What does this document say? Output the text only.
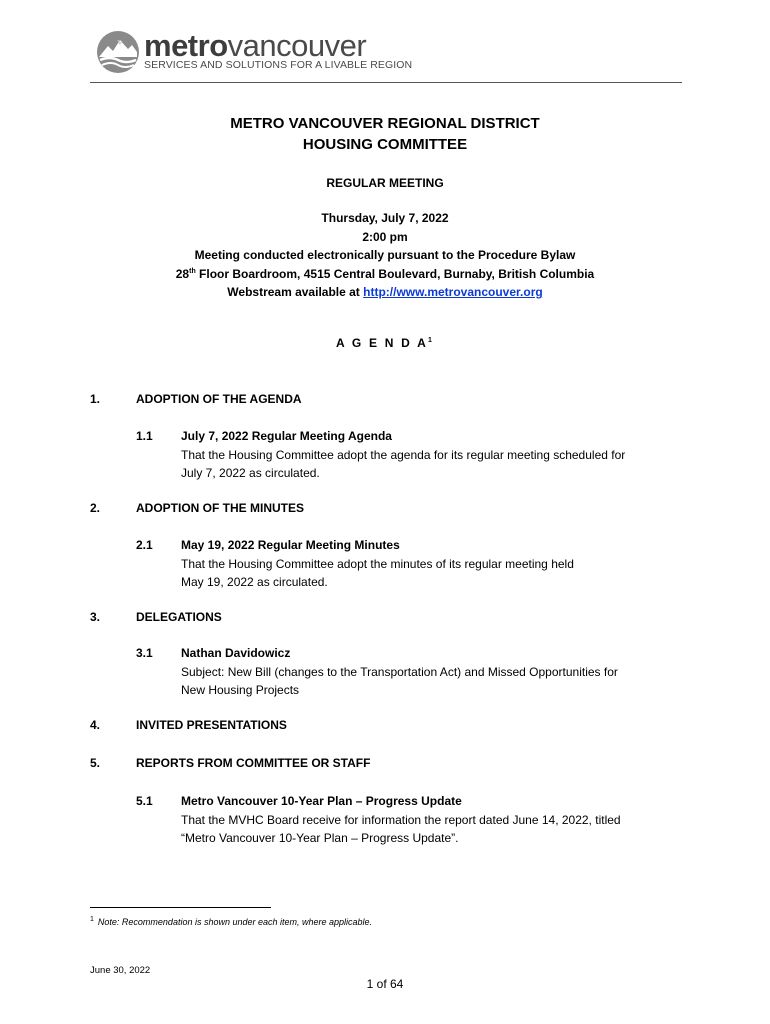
metrovancouver
SERVICES AND SOLUTIONS FOR A LIVABLE REGION
METRO VANCOUVER REGIONAL DISTRICT
HOUSING COMMITTEE
REGULAR MEETING
Thursday, July 7, 2022
2:00 pm
Meeting conducted electronically pursuant to the Procedure Bylaw
28th Floor Boardroom, 4515 Central Boulevard, Burnaby, British Columbia
Webstream available at http://www.metrovancouver.org
A G E N D $A^1$
1.	ADOPTION OF THE AGENDA
1.1 July 7, 2022 Regular Meeting Agenda
That the Housing Committee adopt the agenda for its regular meeting scheduled for
July 7, 2022 as circulated.
2.	ADOPTION OF THE MINUTES
2.1 May 19, 2022 Regular Meeting Minutes
That the Housing Committee adopt the minutes of its regular meeting held
May 19, 2022 as circulated.
3.	DELEGATIONS
3.1 Nathan Davidowicz
Subject: New Bill (changes to the Transportation Act) and Missed Opportunities for
New Housing Projects
4.	INVITED PRESENTATIONS
5.	REPORTS FROM COMMITTEE OR STAFF
5.1 Metro Vancouver 10-Year Plan – Progress Update
That the MVHC Board receive for information the report dated June 14, 2022, titled
“Metro Vancouver 10-Year Plan – Progress Update”.
$^1$ Note: Recommendation is shown under each item, where applicable.
June 30, 2022
1 of 64
